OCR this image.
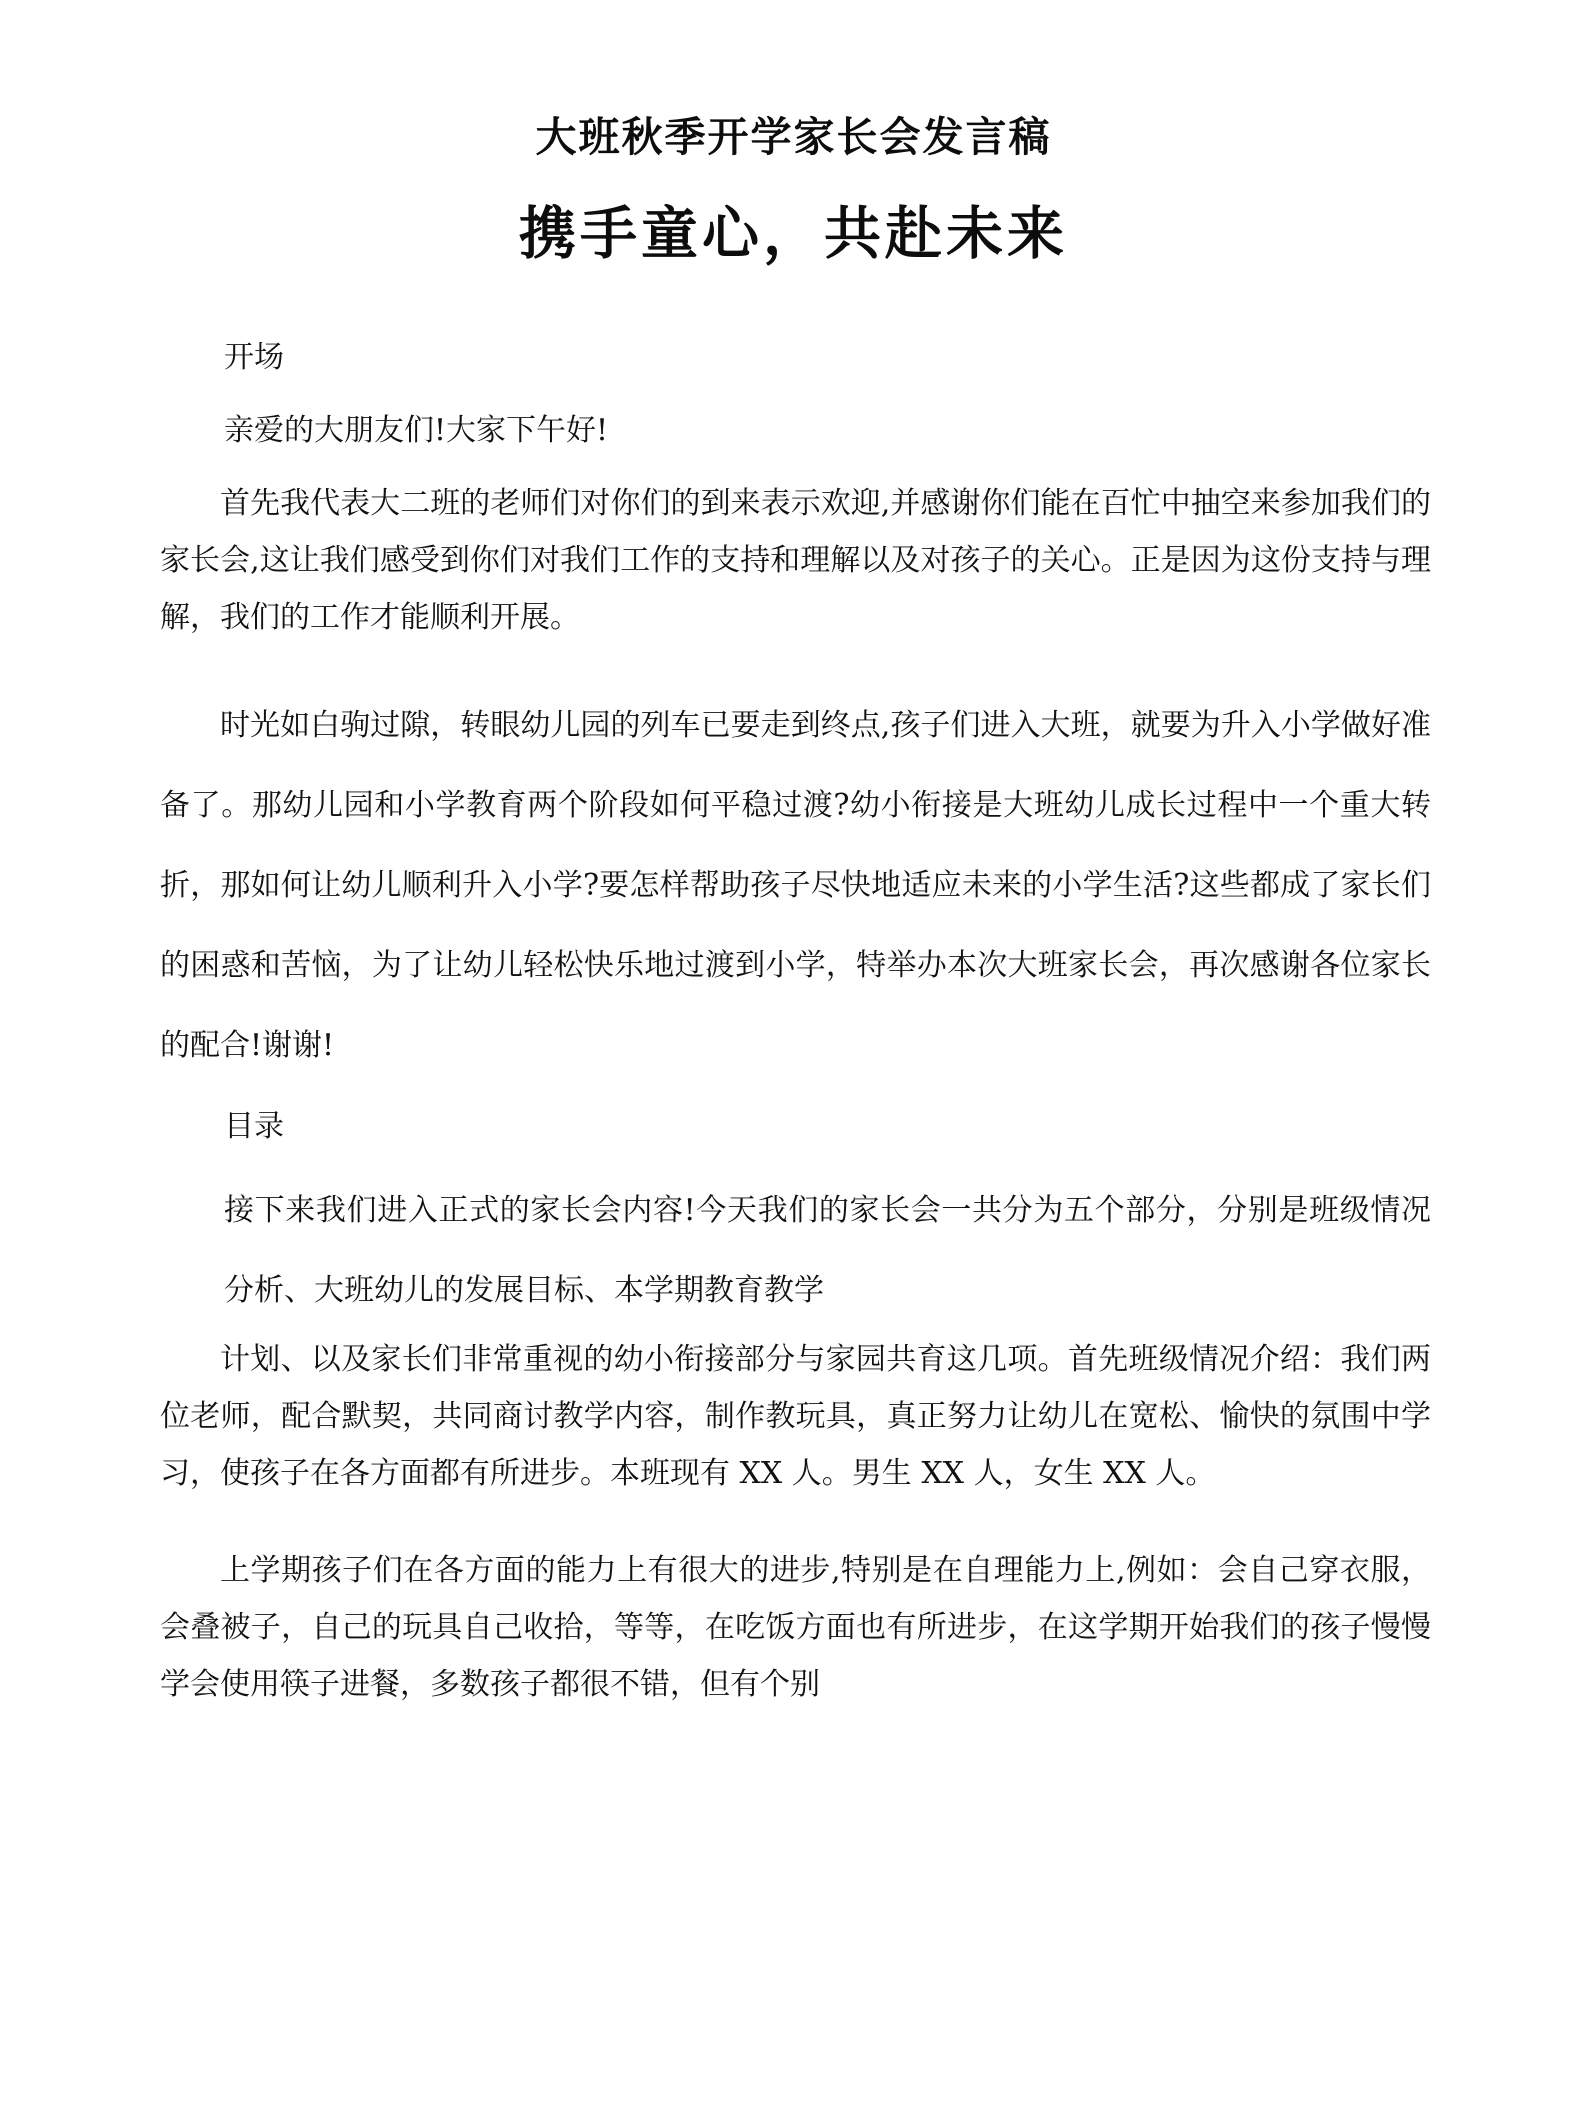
大班秋季开学家长会发言稿
携手童心，共赴未来

开场

亲爱的大朋友们!大家下午好!

首先我代表大二班的老师们对你们的到来表示欢迎,并感谢你们能在百忙中抽空来参加我们的家长会,这让我们感受到你们对我们工作的支持和理解以及对孩子的关心。正是因为这份支持与理解，我们的工作才能顺利开展。

时光如白驹过隙，转眼幼儿园的列车已要走到终点,孩子们进入大班，就要为升入小学做好准备了。那幼儿园和小学教育两个阶段如何平稳过渡?幼小衔接是大班幼儿成长过程中一个重大转折，那如何让幼儿顺利升入小学?要怎样帮助孩子尽快地适应未来的小学生活?这些都成了家长们的困惑和苦恼，为了让幼儿轻松快乐地过渡到小学，特举办本次大班家长会，再次感谢各位家长的配合!谢谢!

目录

接下来我们进入正式的家长会内容!今天我们的家长会一共分为五个部分，分别是班级情况分析、大班幼儿的发展目标、本学期教育教学

计划、以及家长们非常重视的幼小衔接部分与家园共育这几项。首先班级情况介绍：我们两位老师，配合默契，共同商讨教学内容，制作教玩具，真正努力让幼儿在宽松、愉快的氛围中学习，使孩子在各方面都有所进步。本班现有 XX 人。男生 XX 人，女生 XX 人。

上学期孩子们在各方面的能力上有很大的进步,特别是在自理能力上,例如：会自己穿衣服，会叠被子，自己的玩具自己收拾，等等，在吃饭方面也有所进步，在这学期开始我们的孩子慢慢学会使用筷子进餐，多数孩子都很不错，但有个别
